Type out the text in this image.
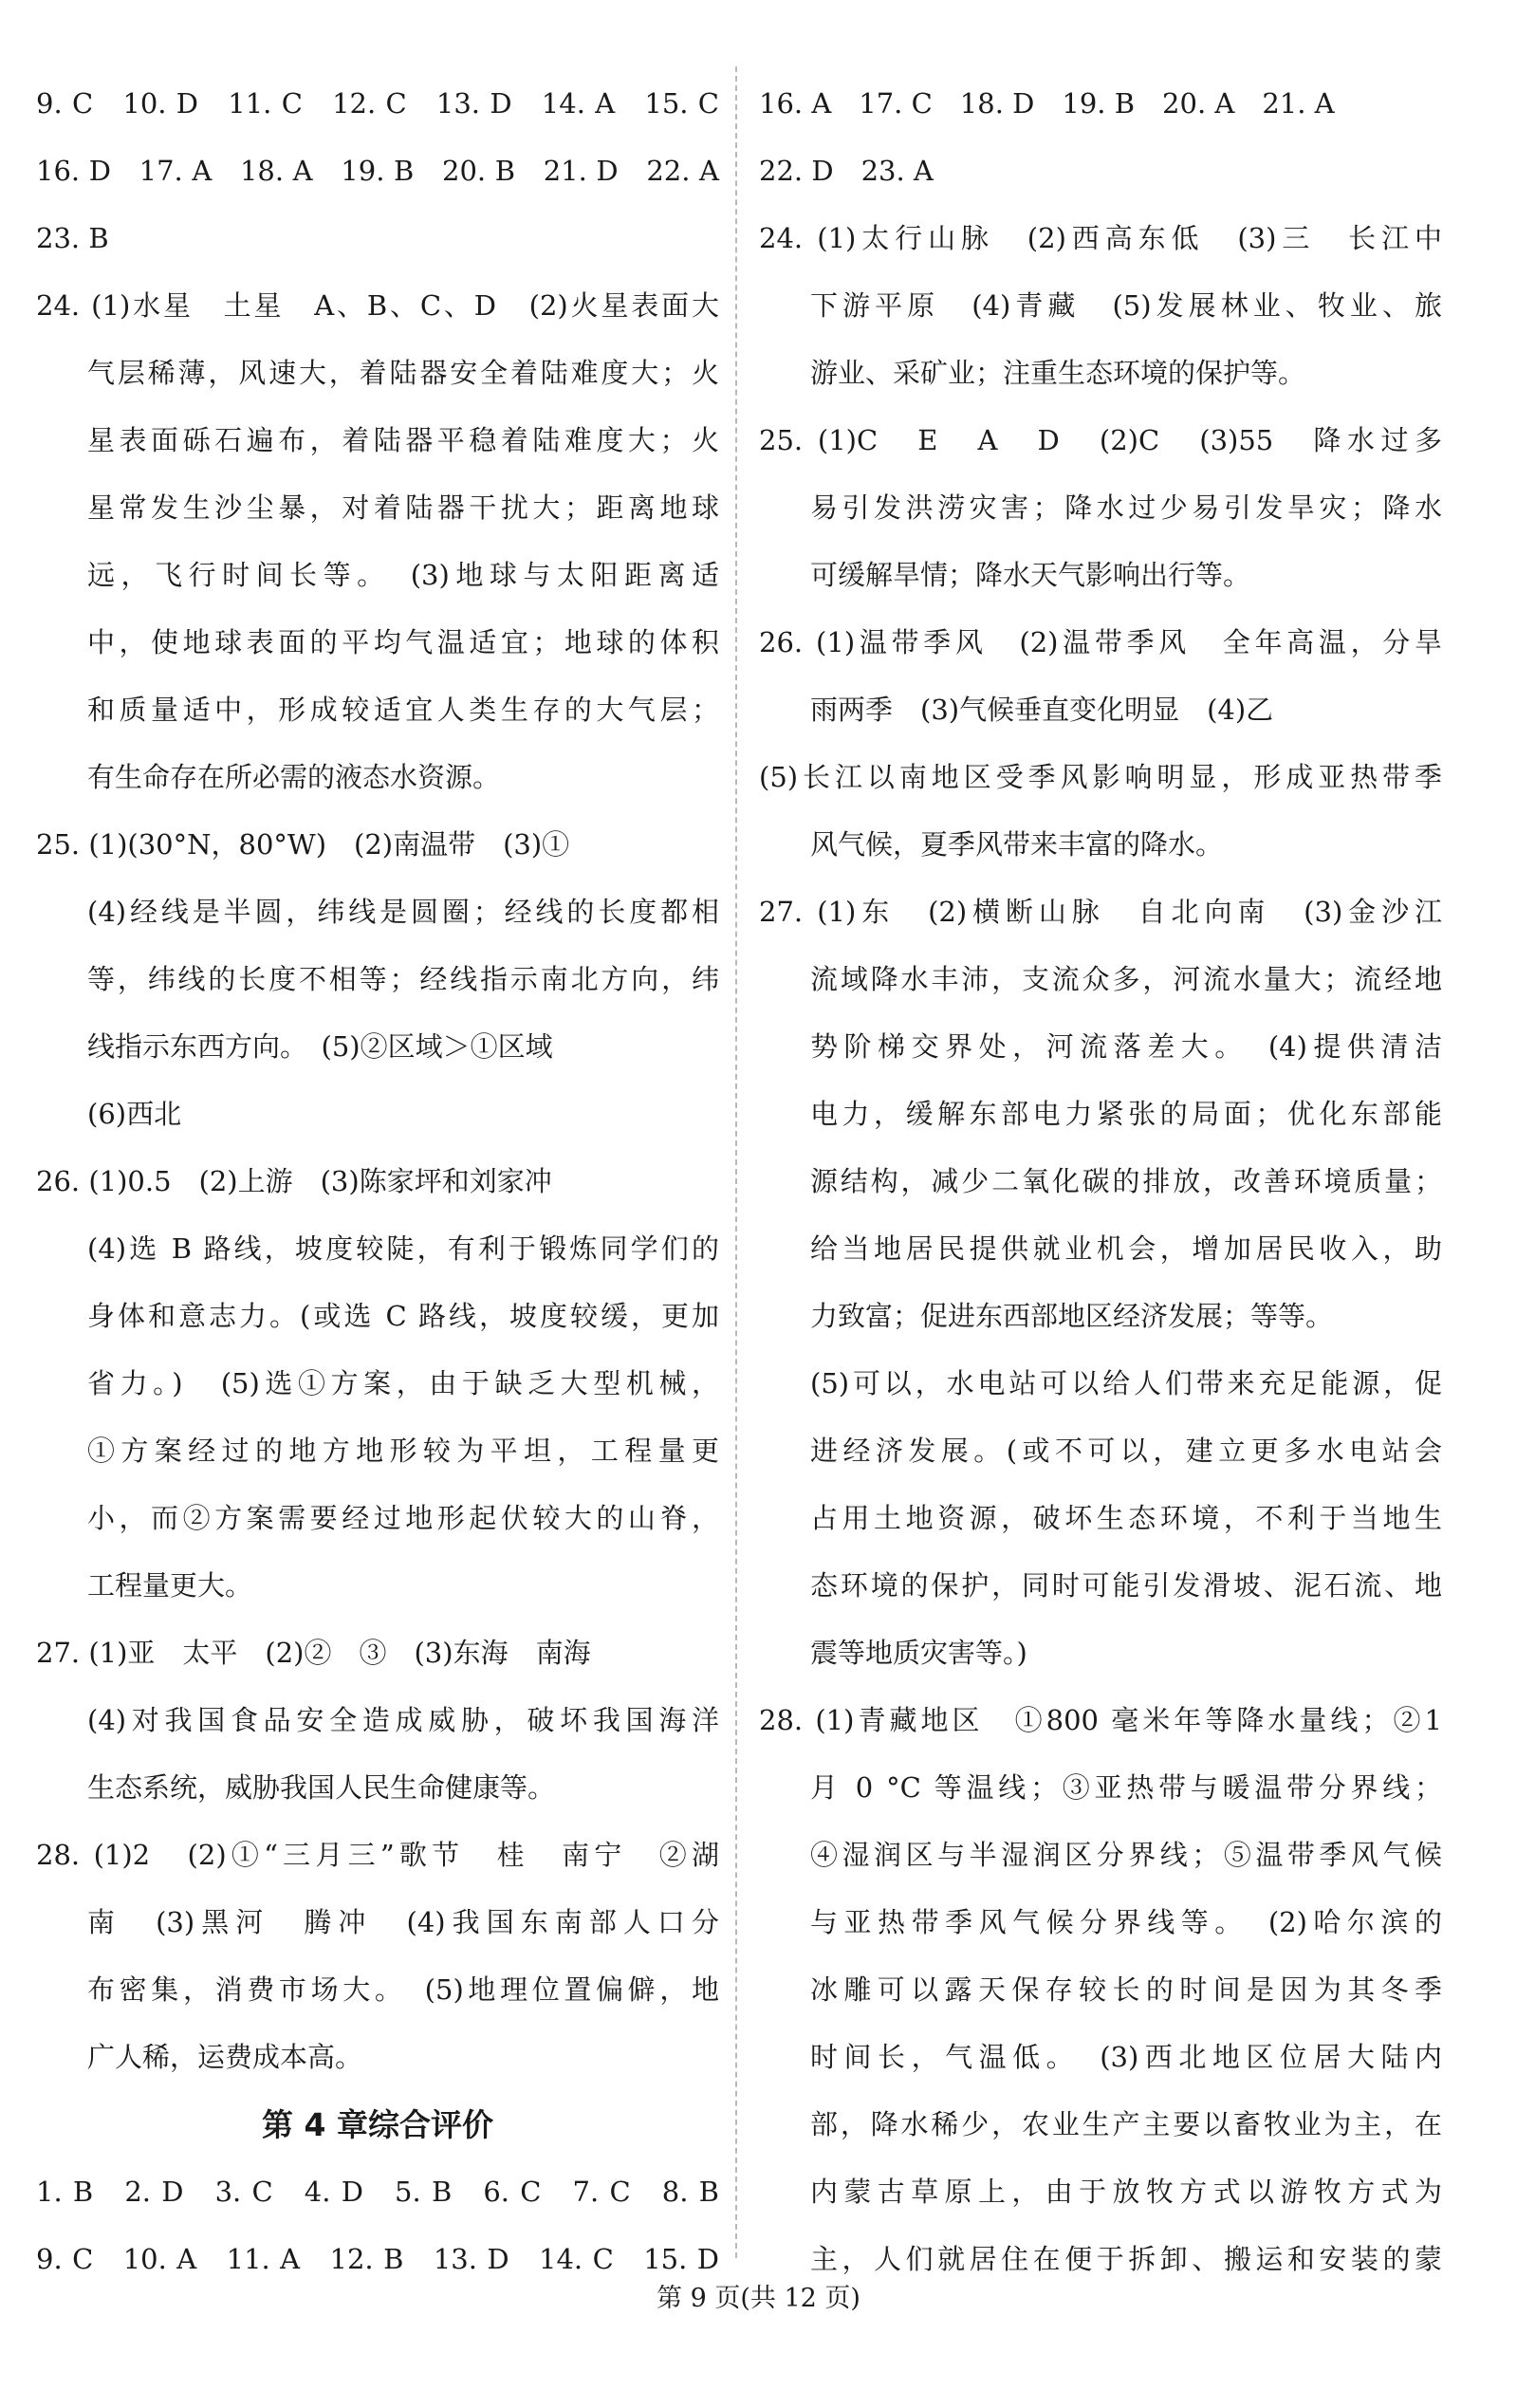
9. C　10. D　11. C　12. C　13. D　14. A　15. C
16. D　17. A　18. A　19. B　20. B　21. D　22. A
23. B
24. (1)水星　土星　A、B、C、D　(2)火星表面大
气层稀薄，风速大，着陆器安全着陆难度大；火
星表面砾石遍布，着陆器平稳着陆难度大；火
星常发生沙尘暴，对着陆器干扰大；距离地球
远，飞行时间长等。　(3)地球与太阳距离适
中，使地球表面的平均气温适宜；地球的体积
和质量适中，形成较适宜人类生存的大气层；
有生命存在所必需的液态水资源。
25. (1)(30°N，80°W)　(2)南温带　(3)①
(4)经线是半圆，纬线是圆圈；经线的长度都相
等，纬线的长度不相等；经线指示南北方向，纬
线指示东西方向。　(5)②区域＞①区域
(6)西北
26. (1)0.5　(2)上游　(3)陈家坪和刘家冲
(4)选 B 路线，坡度较陡，有利于锻炼同学们的
身体和意志力。(或选 C 路线，坡度较缓，更加
省力。)　(5)选①方案，由于缺乏大型机械，
①方案经过的地方地形较为平坦，工程量更
小，而②方案需要经过地形起伏较大的山脊，
工程量更大。
27. (1)亚　太平　(2)②　③　(3)东海　南海
(4)对我国食品安全造成威胁，破坏我国海洋
生态系统，威胁我国人民生命健康等。
28. (1)2　(2)①“三月三”歌节　桂　南宁　②湖
南　(3)黑河　腾冲　(4)我国东南部人口分
布密集，消费市场大。　(5)地理位置偏僻，地
广人稀，运费成本高。
第 4 章综合评价
1. B　2. D　3. C　4. D　5. B　6. C　7. C　8. B
9. C　10. A　11. A　12. B　13. D　14. C　15. D
16. A　17. C　18. D　19. B　20. A　21. A
22. D　23. A
24. (1)太行山脉　(2)西高东低　(3)三　长江中
下游平原　(4)青藏　(5)发展林业、牧业、旅
游业、采矿业；注重生态环境的保护等。
25. (1)C　E　A　D　(2)C　(3)55　降水过多
易引发洪涝灾害；降水过少易引发旱灾；降水
可缓解旱情；降水天气影响出行等。
26. (1)温带季风　(2)温带季风　全年高温，分旱
雨两季　(3)气候垂直变化明显　(4)乙
(5)长江以南地区受季风影响明显，形成亚热带季
风气候，夏季风带来丰富的降水。
27. (1)东　(2)横断山脉　自北向南　(3)金沙江
流域降水丰沛，支流众多，河流水量大；流经地
势阶梯交界处，河流落差大。　(4)提供清洁
电力，缓解东部电力紧张的局面；优化东部能
源结构，减少二氧化碳的排放，改善环境质量；
给当地居民提供就业机会，增加居民收入，助
力致富；促进东西部地区经济发展；等等。
(5)可以，水电站可以给人们带来充足能源，促
进经济发展。(或不可以，建立更多水电站会
占用土地资源，破坏生态环境，不利于当地生
态环境的保护，同时可能引发滑坡、泥石流、地
震等地质灾害等。)
28. (1)青藏地区　①800 毫米年等降水量线；②1
月 0 °C 等温线；③亚热带与暖温带分界线；
④湿润区与半湿润区分界线；⑤温带季风气候
与亚热带季风气候分界线等。　(2)哈尔滨的
冰雕可以露天保存较长的时间是因为其冬季
时间长，气温低。　(3)西北地区位居大陆内
部，降水稀少，农业生产主要以畜牧业为主，在
内蒙古草原上，由于放牧方式以游牧方式为
主，人们就居住在便于拆卸、搬运和安装的蒙
第 9 页(共 12 页)
